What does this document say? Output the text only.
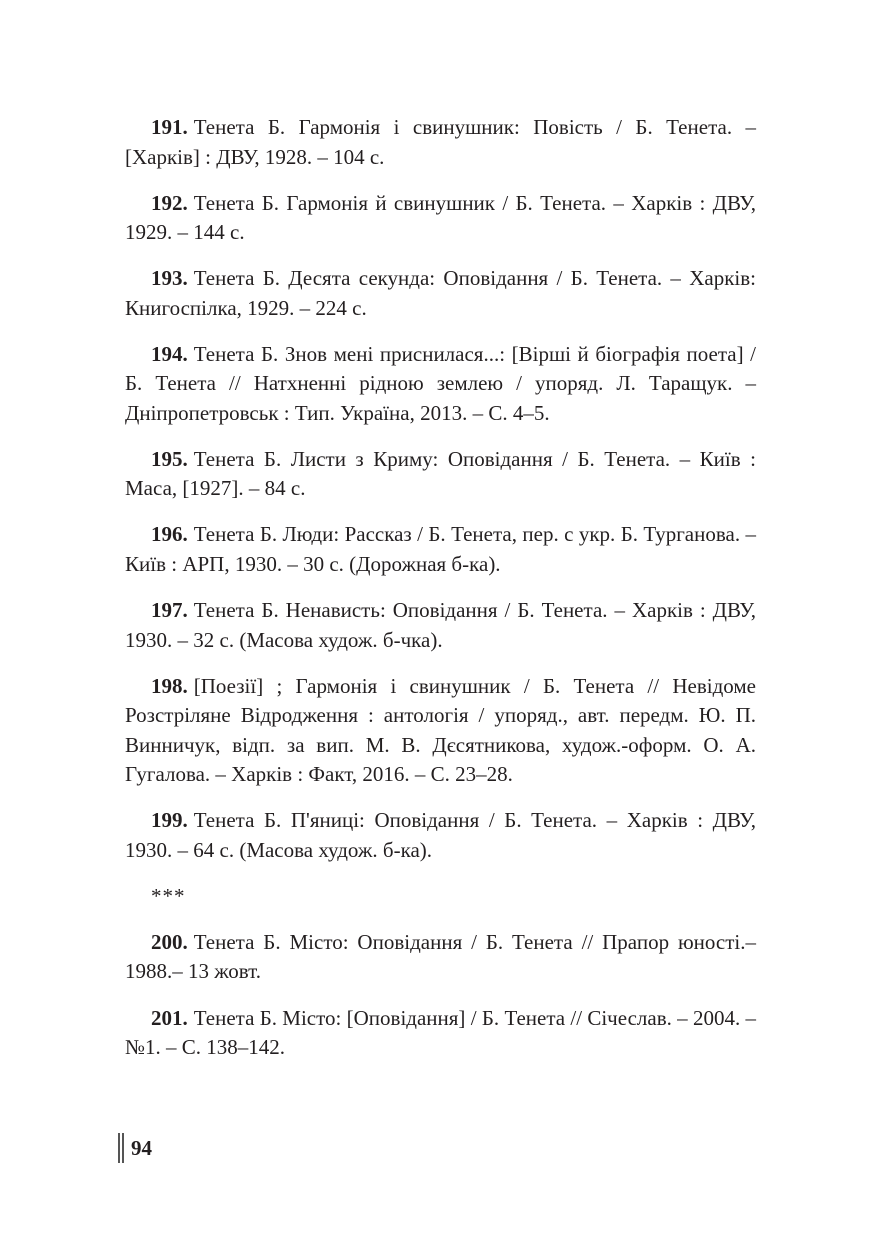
191. Тенета Б. Гармонія і свинушник: Повість / Б. Тенета. – [Харків] : ДВУ, 1928. – 104 с.

192. Тенета Б. Гармонія й свинушник / Б. Тенета. – Харків : ДВУ, 1929. – 144 с.

193. Тенета Б. Десята секунда: Оповідання / Б. Тенета. – Харків: Книгоспілка, 1929. – 224 с.

194. Тенета Б. Знов мені приснилася...: [Вірші й біографія поета] / Б. Тенета // Натхненні рідною землею / упоряд. Л. Таращук. – Дніпропетровськ : Тип. Україна, 2013. – С. 4–5.

195. Тенета Б. Листи з Криму: Оповідання / Б. Тенета. – Київ : Маса, [1927]. – 84 с.

196. Тенета Б. Люди: Рассказ / Б. Тенета, пер. с укр. Б. Турганова. – Київ : АРП, 1930. – 30 с. (Дорожная б-ка).

197. Тенета Б. Ненависть: Оповідання / Б. Тенета. – Харків : ДВУ, 1930. – 32 с. (Масова худож. б-чка).

198. [Поезії] ; Гармонія і свинушник / Б. Тенета // Невідоме Розстріляне Відродження : антологія / упоряд., авт. передм. Ю. П. Винничук, відп. за вип. М. В. Дєсятникова, худож.-оформ. О. А. Гугалова. – Харків : Факт, 2016. – С. 23–28.

199. Тенета Б. П'яниці: Оповідання / Б. Тенета. – Харків : ДВУ, 1930. – 64 с. (Масова худож. б-ка).

***

200. Тенета Б. Місто: Оповідання / Б. Тенета // Прапор юності.– 1988.– 13 жовт.

201. Тенета Б. Місто: [Оповідання] / Б. Тенета // Січеслав. – 2004. – №1. – С. 138–142.

94
